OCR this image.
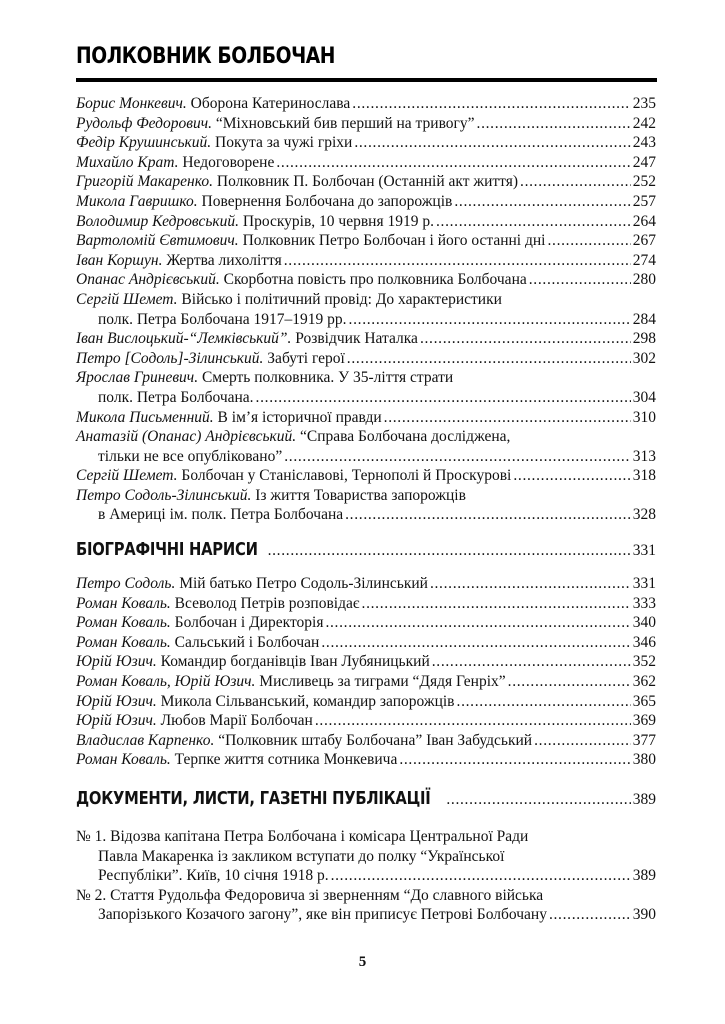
ПОЛКОВНИК БОЛБОЧАН
Борис Монкевич.
Оборона Катеринослава . . .	235
Рудольф Федорович.
“Міхновський бив перший на тривогу” . . .	242
Федір Крушинський.
Покута за чужі гріхи . . .	243
Михайло Крат.
Недоговорене . . .	247
Григорій Макаренко.
Полковник П. Болбочан (Останній акт життя) . . .	252
Микола Гавришко.
Повернення Болбочана до запорожців . . .	257
Володимир Кедровський.
Проскурів, 10 червня 1919 р. . . .	264
Вартоломій Євтимович.
Полковник Петро Болбочан і його останні дні . . .	267
Іван Коршун.
Жертва лихоліття . . .	274
Опанас Андрієвський.
Скорботна повість про полковника Болбочана . . .	280
Сергій Шемет.
Військо і політичний провід: До характеристики
полк. Петра Болбочана 1917–1919 рр. . . .	284
Іван Вислоцький-“Лемківський”.
Розвідчик Наталка . . .	298
Петро [Содоль]-Зілинський.
Забуті герої . . .	302
Ярослав Гриневич.
Смерть полковника. У 35-ліття страти
полк. Петра Болбочана. . . .	304
Микола Письменний.
В ім’я історичної правди . . .	310
Анатазій (Опанас) Андрієвський.
“Справа Болбочана досліджена,
тільки не все опубліковано” . . .	313
Сергій Шемет.
Болбочан у Станіславові, Тернополі й Проскурові . . .	318
Петро Содоль-Зілинський.
Із життя Товариства запорожців
в Америці ім. полк. Петра Болбочана . . .	328
БІОГРАФІЧНІ НАРИСИ . . .	331
Петро Содоль.
Мій батько Петро Содоль-Зілинський . . .	331
Роман Коваль.
Всеволод Петрів розповідає . . .	333
Роман Коваль.
Болбочан і Директорія . . .	340
Роман Коваль.
Сальський і Болбочан . . .	346
Юрій Юзич.
Командир богданівців Іван Лубяницький . . .	352
Роман Коваль, Юрій Юзич.
Мисливець за тиграми “Дядя Генріх” . . .	362
Юрій Юзич.
Микола Сільванський, командир запорожців . . .	365
Юрій Юзич.
Любов Марії Болбочан . . .	369
Владислав Карпенко.
“Полковник штабу Болбочана” Іван Забудський . . .	377
Роман Коваль.
Терпке життя сотника Монкевича . . .	380
ДОКУМЕНТИ, ЛИСТИ, ГАЗЕТНІ ПУБЛІКАЦІЇ . . .	389
№ 1. Відозва капітана Петра Болбочана і комісара Центральної Ради
Павла Макаренка із закликом вступати до полку “Української
Республіки”. Київ, 10 січня 1918 р. . . .	389
№ 2. Стаття Рудольфа Федоровича зі зверненням “До славного війська
Запорізького Козачого загону”, яке він приписує Петрові Болбочану . . .	390
5
